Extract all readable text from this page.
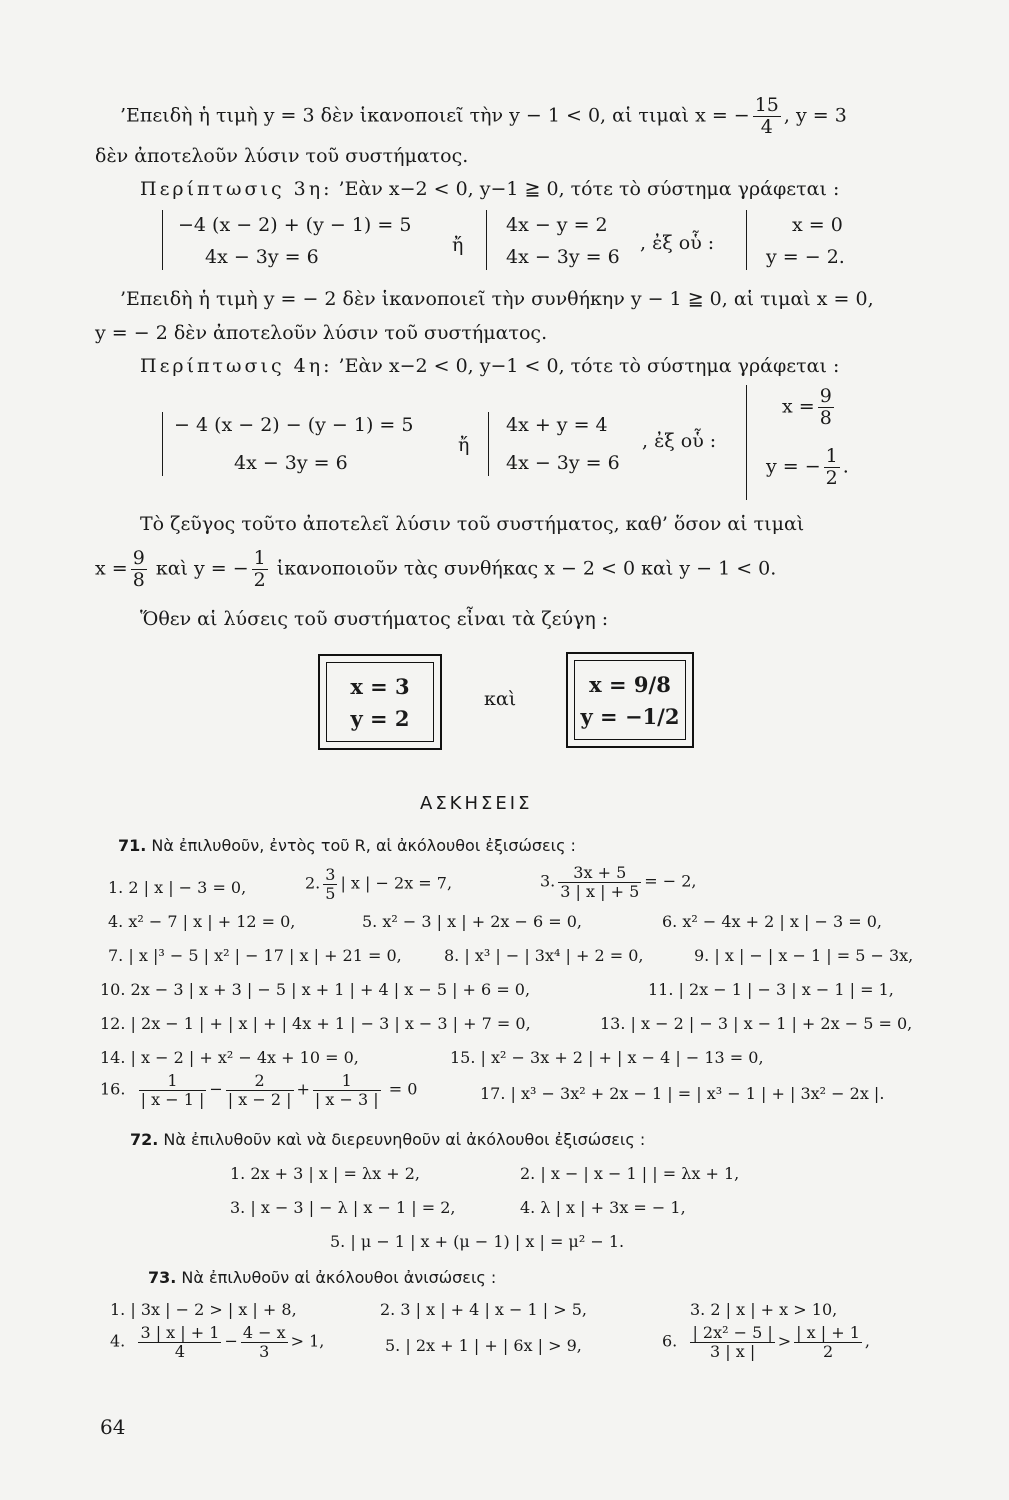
’Επειδὴ ἡ τιμὴ y = 3 δὲν ἱκανοποιεῖ τὴν y − 1 < 0, αἱ τιμαὶ x = − $\frac{15}{4}$ , y = 3
δὲν ἀποτελοῦν λύσιν τοῦ συστήματος.
Περίπτωσις 3η: ’Εὰν x−2 < 0, y−1 ≧ 0, τότε τὸ σύστημα γράφεται :
−4 (x − 2) + (y − 1) = 5
4x − 3y = 6
ἤ
4x − y = 2
4x − 3y = 6
, ἐξ οὗ :
x = 0
y = − 2.
’Επειδὴ ἡ τιμὴ y = − 2 δὲν ἱκανοποιεῖ τὴν συνθήκην y − 1 ≧ 0, αἱ τιμαὶ x = 0,
y = − 2 δὲν ἀποτελοῦν λύσιν τοῦ συστήματος.
Περίπτωσις 4η: ’Εὰν x−2 < 0, y−1 < 0, τότε τὸ σύστημα γράφεται :
− 4 (x − 2) − (y − 1) = 5
4x − 3y = 6
ἤ
4x + y = 4
4x − 3y = 6
, ἐξ οὗ :
$x = \frac{9}{8}$
y = − $\frac{1}{2}$ .
Τὸ ζεῦγος τοῦτο ἀποτελεῖ λύσιν τοῦ συστήματος, καθ’ ὅσον αἱ τιμαὶ
$x = \frac{9}{8}$ καὶ y = − $\frac{1}{2}$ ἱκανοποιοῦν τὰς συνθήκας x − 2 < 0 καὶ y − 1 < 0.
Ὅθεν αἱ λύσεις τοῦ συστήματος εἶναι τὰ ζεύγη :
x = 3
y = 2
καὶ
x = 9/8
y = −1/2
ΑΣΚΗΣΕΙΣ
71. Νὰ ἐπιλυθοῦν, ἐντὸς τοῦ R, αἱ ἀκόλουθοι ἐξισώσεις :
1. 2 | x | − 3 = 0,	2. $\frac{3}{5}$ | x | − 2x = 7,	3. $\frac{3x + 5}{3 | x | + 5}$ = − 2,
4. x² − 7 | x | + 12 = 0,	5. x² − 3 | x | + 2x − 6 = 0,	6. x² − 4x + 2 | x | − 3 = 0,
7. | x |³ − 5 | x² | − 17 | x | + 21 = 0,	8. | x³ | − | 3x⁴ | + 2 = 0,	9. | x | − | x − 1 | = 5 − 3x,
10. 2x − 3 | x + 3 | − 5 | x + 1 | + 4 | x − 5 | + 6 = 0,	11. | 2x − 1 | − 3 | x − 1 | = 1,
12. | 2x − 1 | + | x | + | 4x + 1 | − 3 | x − 3 | + 7 = 0,	13. | x − 2 | − 3 | x − 1 | + 2x − 5 = 0,
14. | x − 2 | + x² − 4x + 10 = 0,	15. | x² − 3x + 2 | + | x − 4 | − 13 = 0,
16. $\frac{1}{| x - 1 |} - \frac{2}{| x - 2 |} + \frac{1}{| x - 3 |} = 0$	17. | x³ − 3x² + 2x − 1 | = | x³ − 1 | + | 3x² − 2x |.
72. Νὰ ἐπιλυθοῦν καὶ νὰ διερευνηθοῦν αἱ ἀκόλουθοι ἐξισώσεις :
1. 2x + 3 | x | = λx + 2,	2. | x − | x − 1 | | = λx + 1,
3. | x − 3 | − λ | x − 1 | = 2,	4. λ | x | + 3x = − 1,
5. | μ − 1 | x + (μ − 1) | x | = μ² − 1.
73. Νὰ ἐπιλυθοῦν αἱ ἀκόλουθοι ἀνισώσεις :
1. | 3x | − 2 > | x | + 8,	2. 3 | x | + 4 | x − 1 | > 5,	3. 2 | x | + x > 10,
4. $\frac{3 | x | + 1}{4} - \frac{4 - x}{3} > 1$,	5. | 2x + 1 | + | 6x | > 9,	6. $\frac{\text{| 2x² − 5 |}}{3 | x |} > \frac{| x | + 1}{2}$ ,
64
